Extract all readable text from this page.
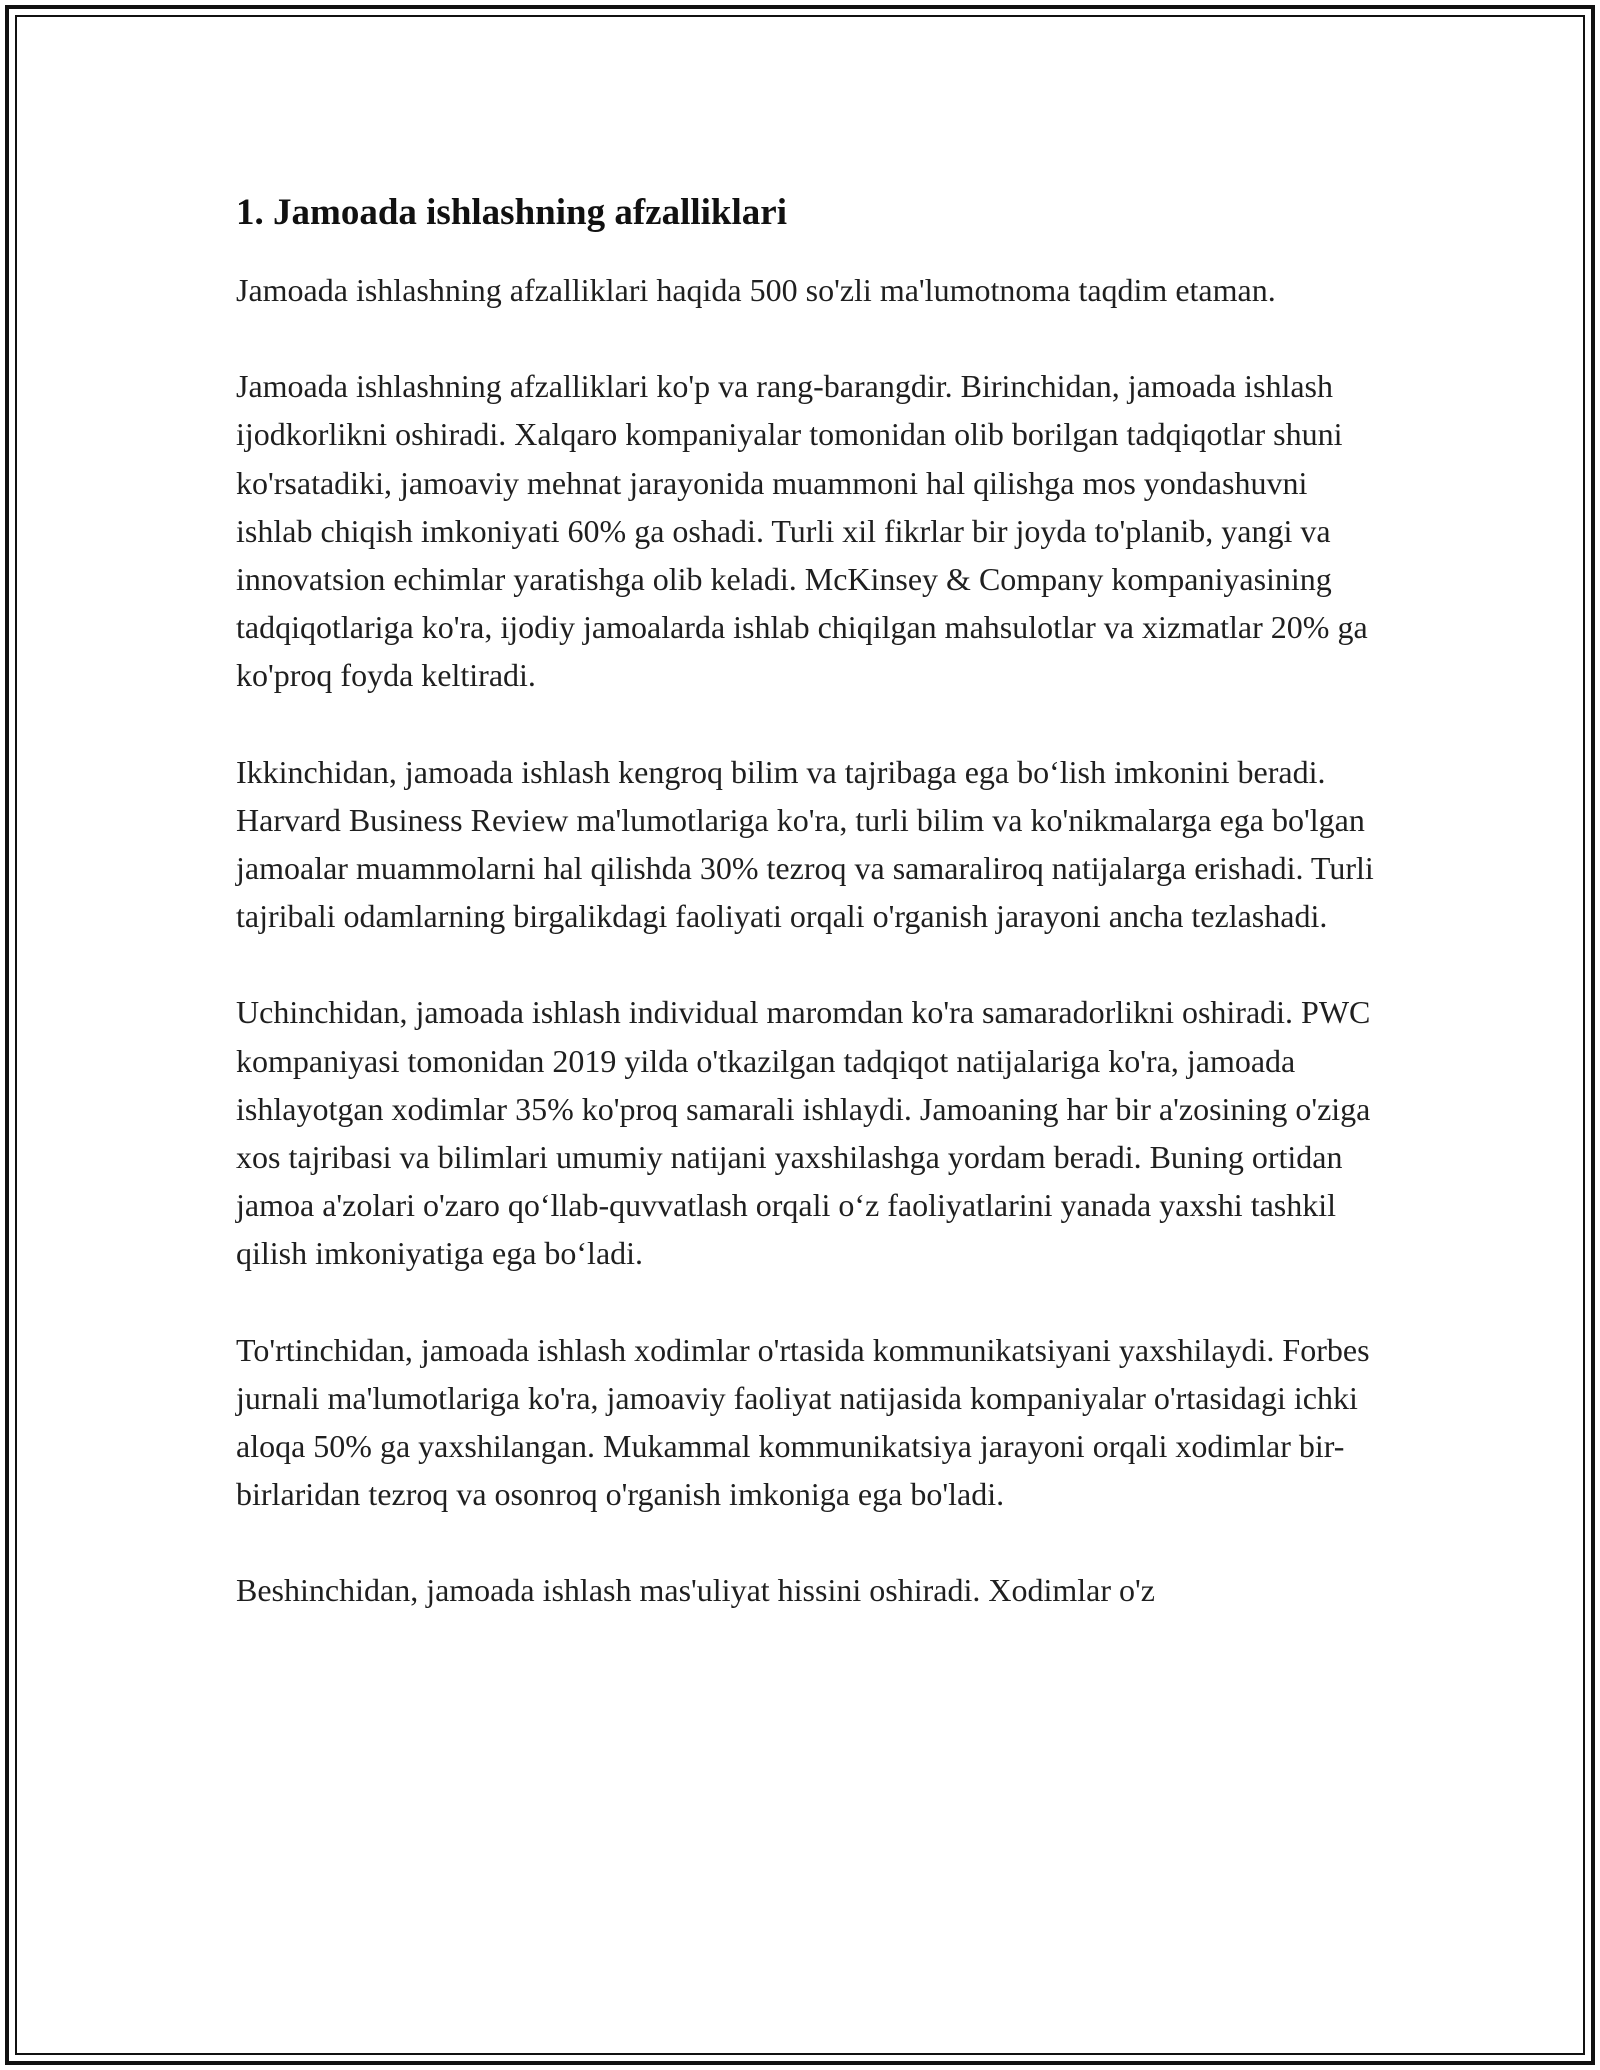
1. Jamoada ishlashning afzalliklari

Jamoada ishlashning afzalliklari haqida 500 so'zli ma'lumotnoma taqdim etaman.

Jamoada ishlashning afzalliklari ko'p va rang-barangdir. Birinchidan, jamoada ishlash ijodkorlikni oshiradi. Xalqaro kompaniyalar tomonidan olib borilgan tadqiqotlar shuni ko'rsatadiki, jamoaviy mehnat jarayonida muammoni hal qilishga mos yondashuvni ishlab chiqish imkoniyati 60% ga oshadi. Turli xil fikrlar bir joyda to'planib, yangi va innovatsion echimlar yaratishga olib keladi. McKinsey & Company kompaniyasining tadqiqotlariga ko'ra, ijodiy jamoalarda ishlab chiqilgan mahsulotlar va xizmatlar 20% ga ko'proq foyda keltiradi.

Ikkinchidan, jamoada ishlash kengroq bilim va tajribaga ega boʻlish imkonini beradi. Harvard Business Review ma'lumotlariga ko'ra, turli bilim va ko'nikmalarga ega bo'lgan jamoalar muammolarni hal qilishda 30% tezroq va samaraliroq natijalarga erishadi. Turli tajribali odamlarning birgalikdagi faoliyati orqali o'rganish jarayoni ancha tezlashadi.

Uchinchidan, jamoada ishlash individual maromdan ko'ra samaradorlikni oshiradi. PWC kompaniyasi tomonidan 2019 yilda o'tkazilgan tadqiqot natijalariga ko'ra, jamoada ishlayotgan xodimlar 35% ko'proq samarali ishlaydi. Jamoaning har bir a'zosining o'ziga xos tajribasi va bilimlari umumiy natijani yaxshilashga yordam beradi. Buning ortidan jamoa a'zolari o'zaro qoʻllab-quvvatlash orqali oʻz faoliyatlarini yanada yaxshi tashkil qilish imkoniyatiga ega boʻladi.

To'rtinchidan, jamoada ishlash xodimlar o'rtasida kommunikatsiyani yaxshilaydi. Forbes jurnali ma'lumotlariga ko'ra, jamoaviy faoliyat natijasida kompaniyalar o'rtasidagi ichki aloqa 50% ga yaxshilangan. Mukammal kommunikatsiya jarayoni orqali xodimlar bir-birlaridan tezroq va osonroq o'rganish imkoniga ega bo'ladi.

Beshinchidan, jamoada ishlash mas'uliyat hissini oshiradi. Xodimlar o'z
